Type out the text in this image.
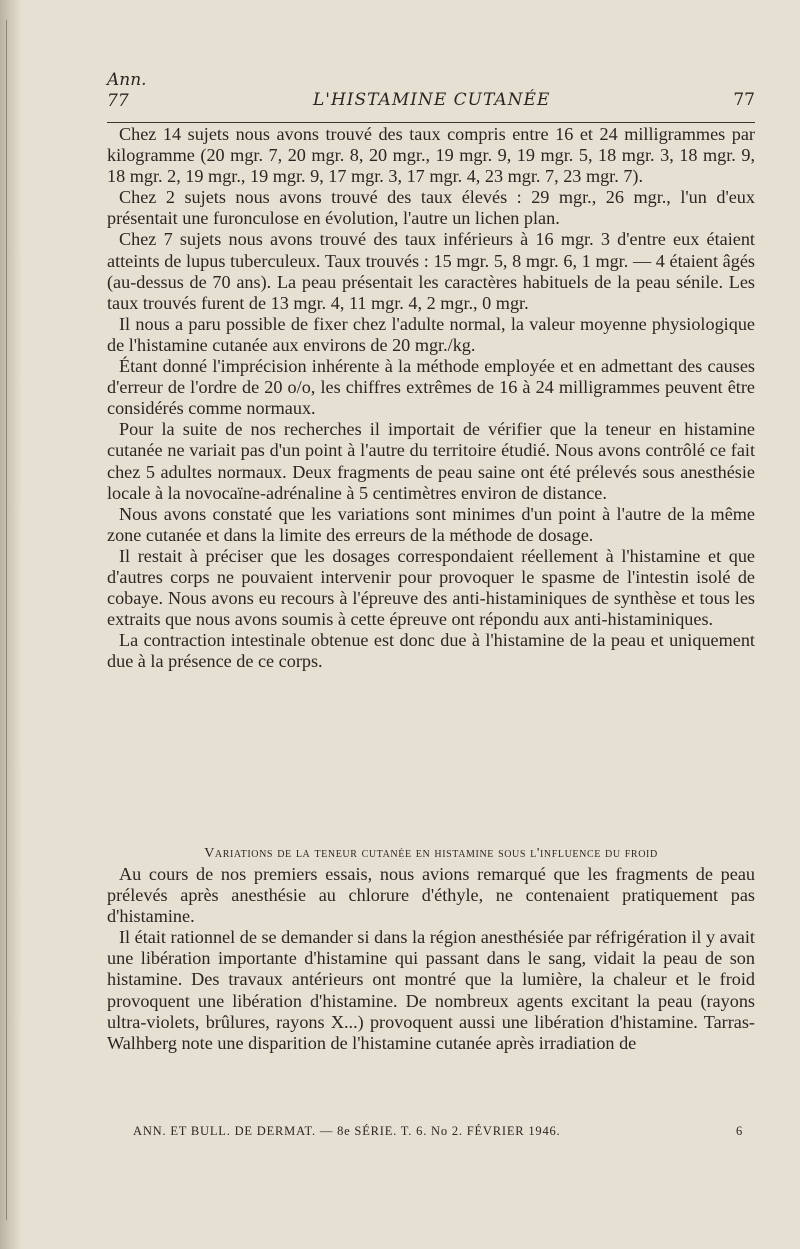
Ann.
77	L'HISTAMINE CUTANÉE	77

Chez 14 sujets nous avons trouvé des taux compris entre 16 et 24 milligrammes par kilogramme (20 mgr. 7, 20 mgr. 8, 20 mgr., 19 mgr. 9, 19 mgr. 5, 18 mgr. 3, 18 mgr. 9, 18 mgr. 2, 19 mgr., 19 mgr. 9, 17 mgr. 3, 17 mgr. 4, 23 mgr. 7, 23 mgr. 7).

Chez 2 sujets nous avons trouvé des taux élevés : 29 mgr., 26 mgr., l'un d'eux présentait une furonculose en évolution, l'autre un lichen plan.

Chez 7 sujets nous avons trouvé des taux inférieurs à 16 mgr. 3 d'entre eux étaient atteints de lupus tuberculeux. Taux trouvés : 15 mgr. 5, 8 mgr. 6, 1 mgr. — 4 étaient âgés (au-dessus de 70 ans). La peau présentait les caractères habituels de la peau sénile. Les taux trouvés furent de 13 mgr. 4, 11 mgr. 4, 2 mgr., 0 mgr.

Il nous a paru possible de fixer chez l'adulte normal, la valeur moyenne physiologique de l'histamine cutanée aux environs de 20 mgr./kg.

Étant donné l'imprécision inhérente à la méthode employée et en admettant des causes d'erreur de l'ordre de 20 o/o, les chiffres extrêmes de 16 à 24 milligrammes peuvent être considérés comme normaux.

Pour la suite de nos recherches il importait de vérifier que la teneur en histamine cutanée ne variait pas d'un point à l'autre du territoire étudié. Nous avons contrôlé ce fait chez 5 adultes normaux. Deux fragments de peau saine ont été prélevés sous anesthésie locale à la novocaïne-adrénaline à 5 centimètres environ de distance.

Nous avons constaté que les variations sont minimes d'un point à l'autre de la même zone cutanée et dans la limite des erreurs de la méthode de dosage.

Il restait à préciser que les dosages correspondaient réellement à l'histamine et que d'autres corps ne pouvaient intervenir pour provoquer le spasme de l'intestin isolé de cobaye. Nous avons eu recours à l'épreuve des anti-histaminiques de synthèse et tous les extraits que nous avons soumis à cette épreuve ont répondu aux anti-histaminiques.

La contraction intestinale obtenue est donc due à l'histamine de la peau et uniquement due à la présence de ce corps.

Variations de la teneur cutanée en histamine sous l'influence du froid

Au cours de nos premiers essais, nous avions remarqué que les fragments de peau prélevés après anesthésie au chlorure d'éthyle, ne contenaient pratiquement pas d'histamine.

Il était rationnel de se demander si dans la région anesthésiée par réfrigération il y avait une libération importante d'histamine qui passant dans le sang, vidait la peau de son histamine. Des travaux antérieurs ont montré que la lumière, la chaleur et le froid provoquent une libération d'histamine. De nombreux agents excitant la peau (rayons ultra-violets, brûlures, rayons X...) provoquent aussi une libération d'histamine. Tarras-Walhberg note une disparition de l'histamine cutanée après irradiation de

ANN. ET BULL. DE DERMAT. — 8e SÉRIE. T. 6. No 2. FÉVRIER 1946.	6
